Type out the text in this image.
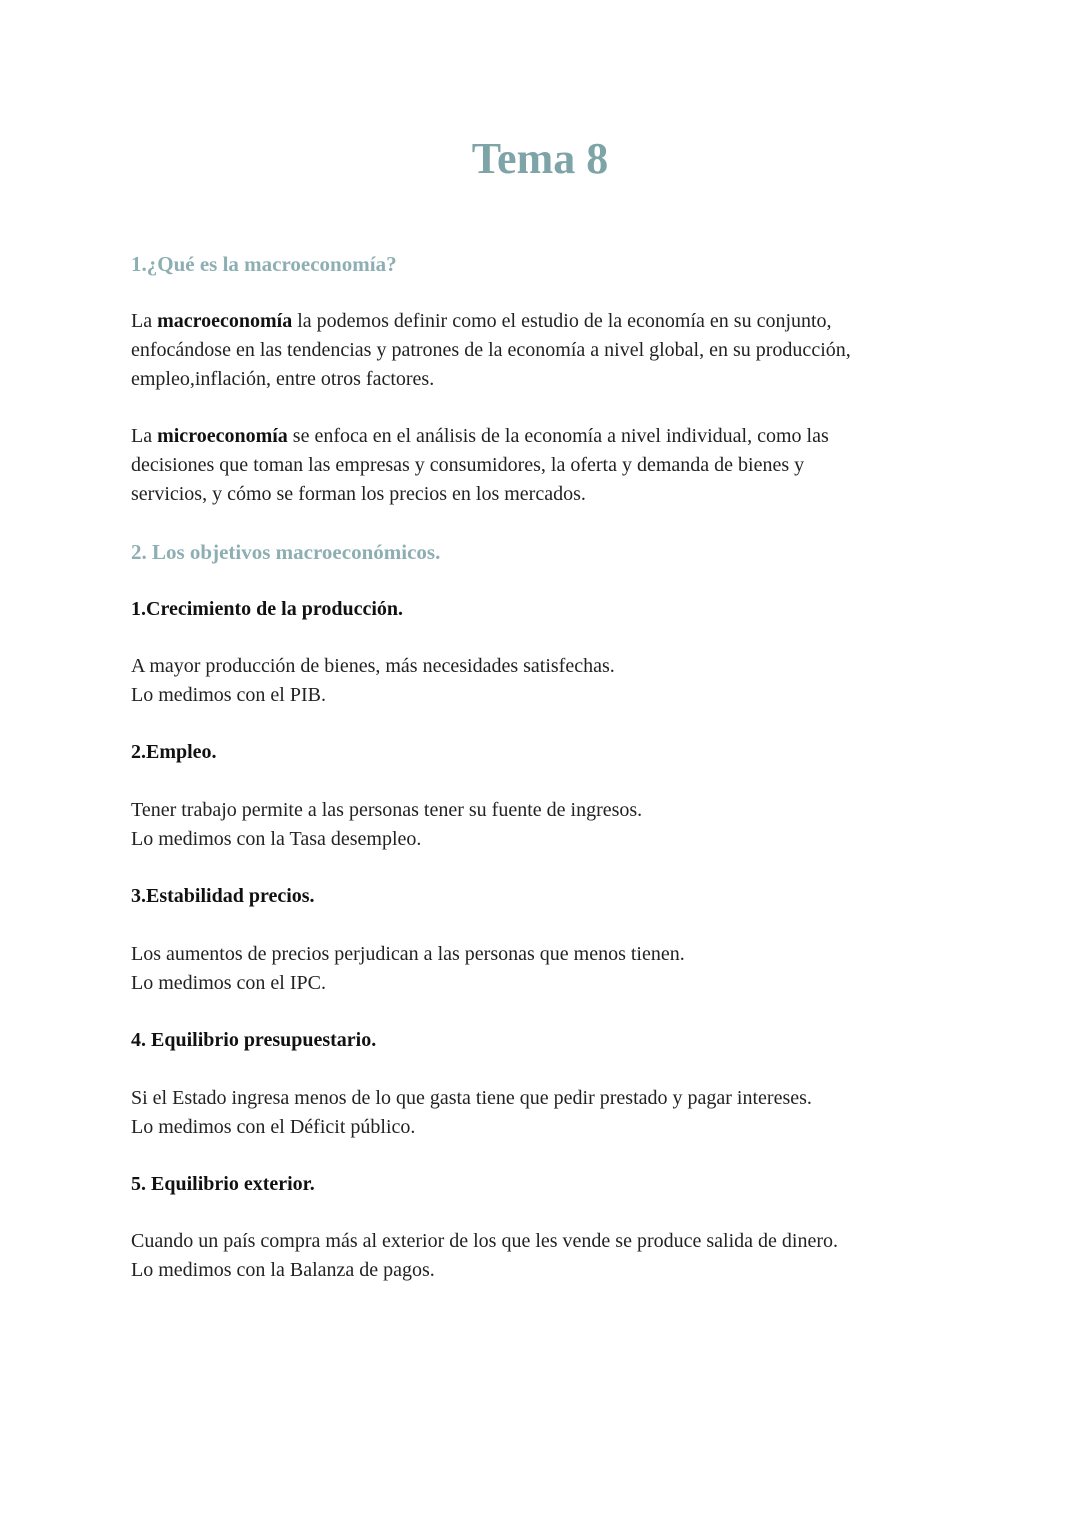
Tema 8
1.¿Qué es la macroeconomía?

La macroeconomía la podemos definir como el estudio de la economía en su conjunto,
enfocándose en las tendencias y patrones de la economía a nivel global, en su producción,
empleo,inflación, entre otros factores.

La microeconomía se enfoca en el análisis de la economía a nivel individual, como las
decisiones que toman las empresas y consumidores, la oferta y demanda de bienes y
servicios, y cómo se forman los precios en los mercados.

2. Los objetivos macroeconómicos.
1.Crecimiento de la producción.

A mayor producción de bienes, más necesidades satisfechas.
Lo medimos con el PIB.

2.Empleo.

Tener trabajo permite a las personas tener su fuente de ingresos.
Lo medimos con la Tasa desempleo.

3.Estabilidad precios.

Los aumentos de precios perjudican a las personas que menos tienen.
Lo medimos con el IPC.

4. Equilibrio presupuestario.

Si el Estado ingresa menos de lo que gasta tiene que pedir prestado y pagar intereses.
Lo medimos con el Déficit público.

5. Equilibrio exterior.

Cuando un país compra más al exterior de los que les vende se produce salida de dinero.
Lo medimos con la Balanza de pagos.
